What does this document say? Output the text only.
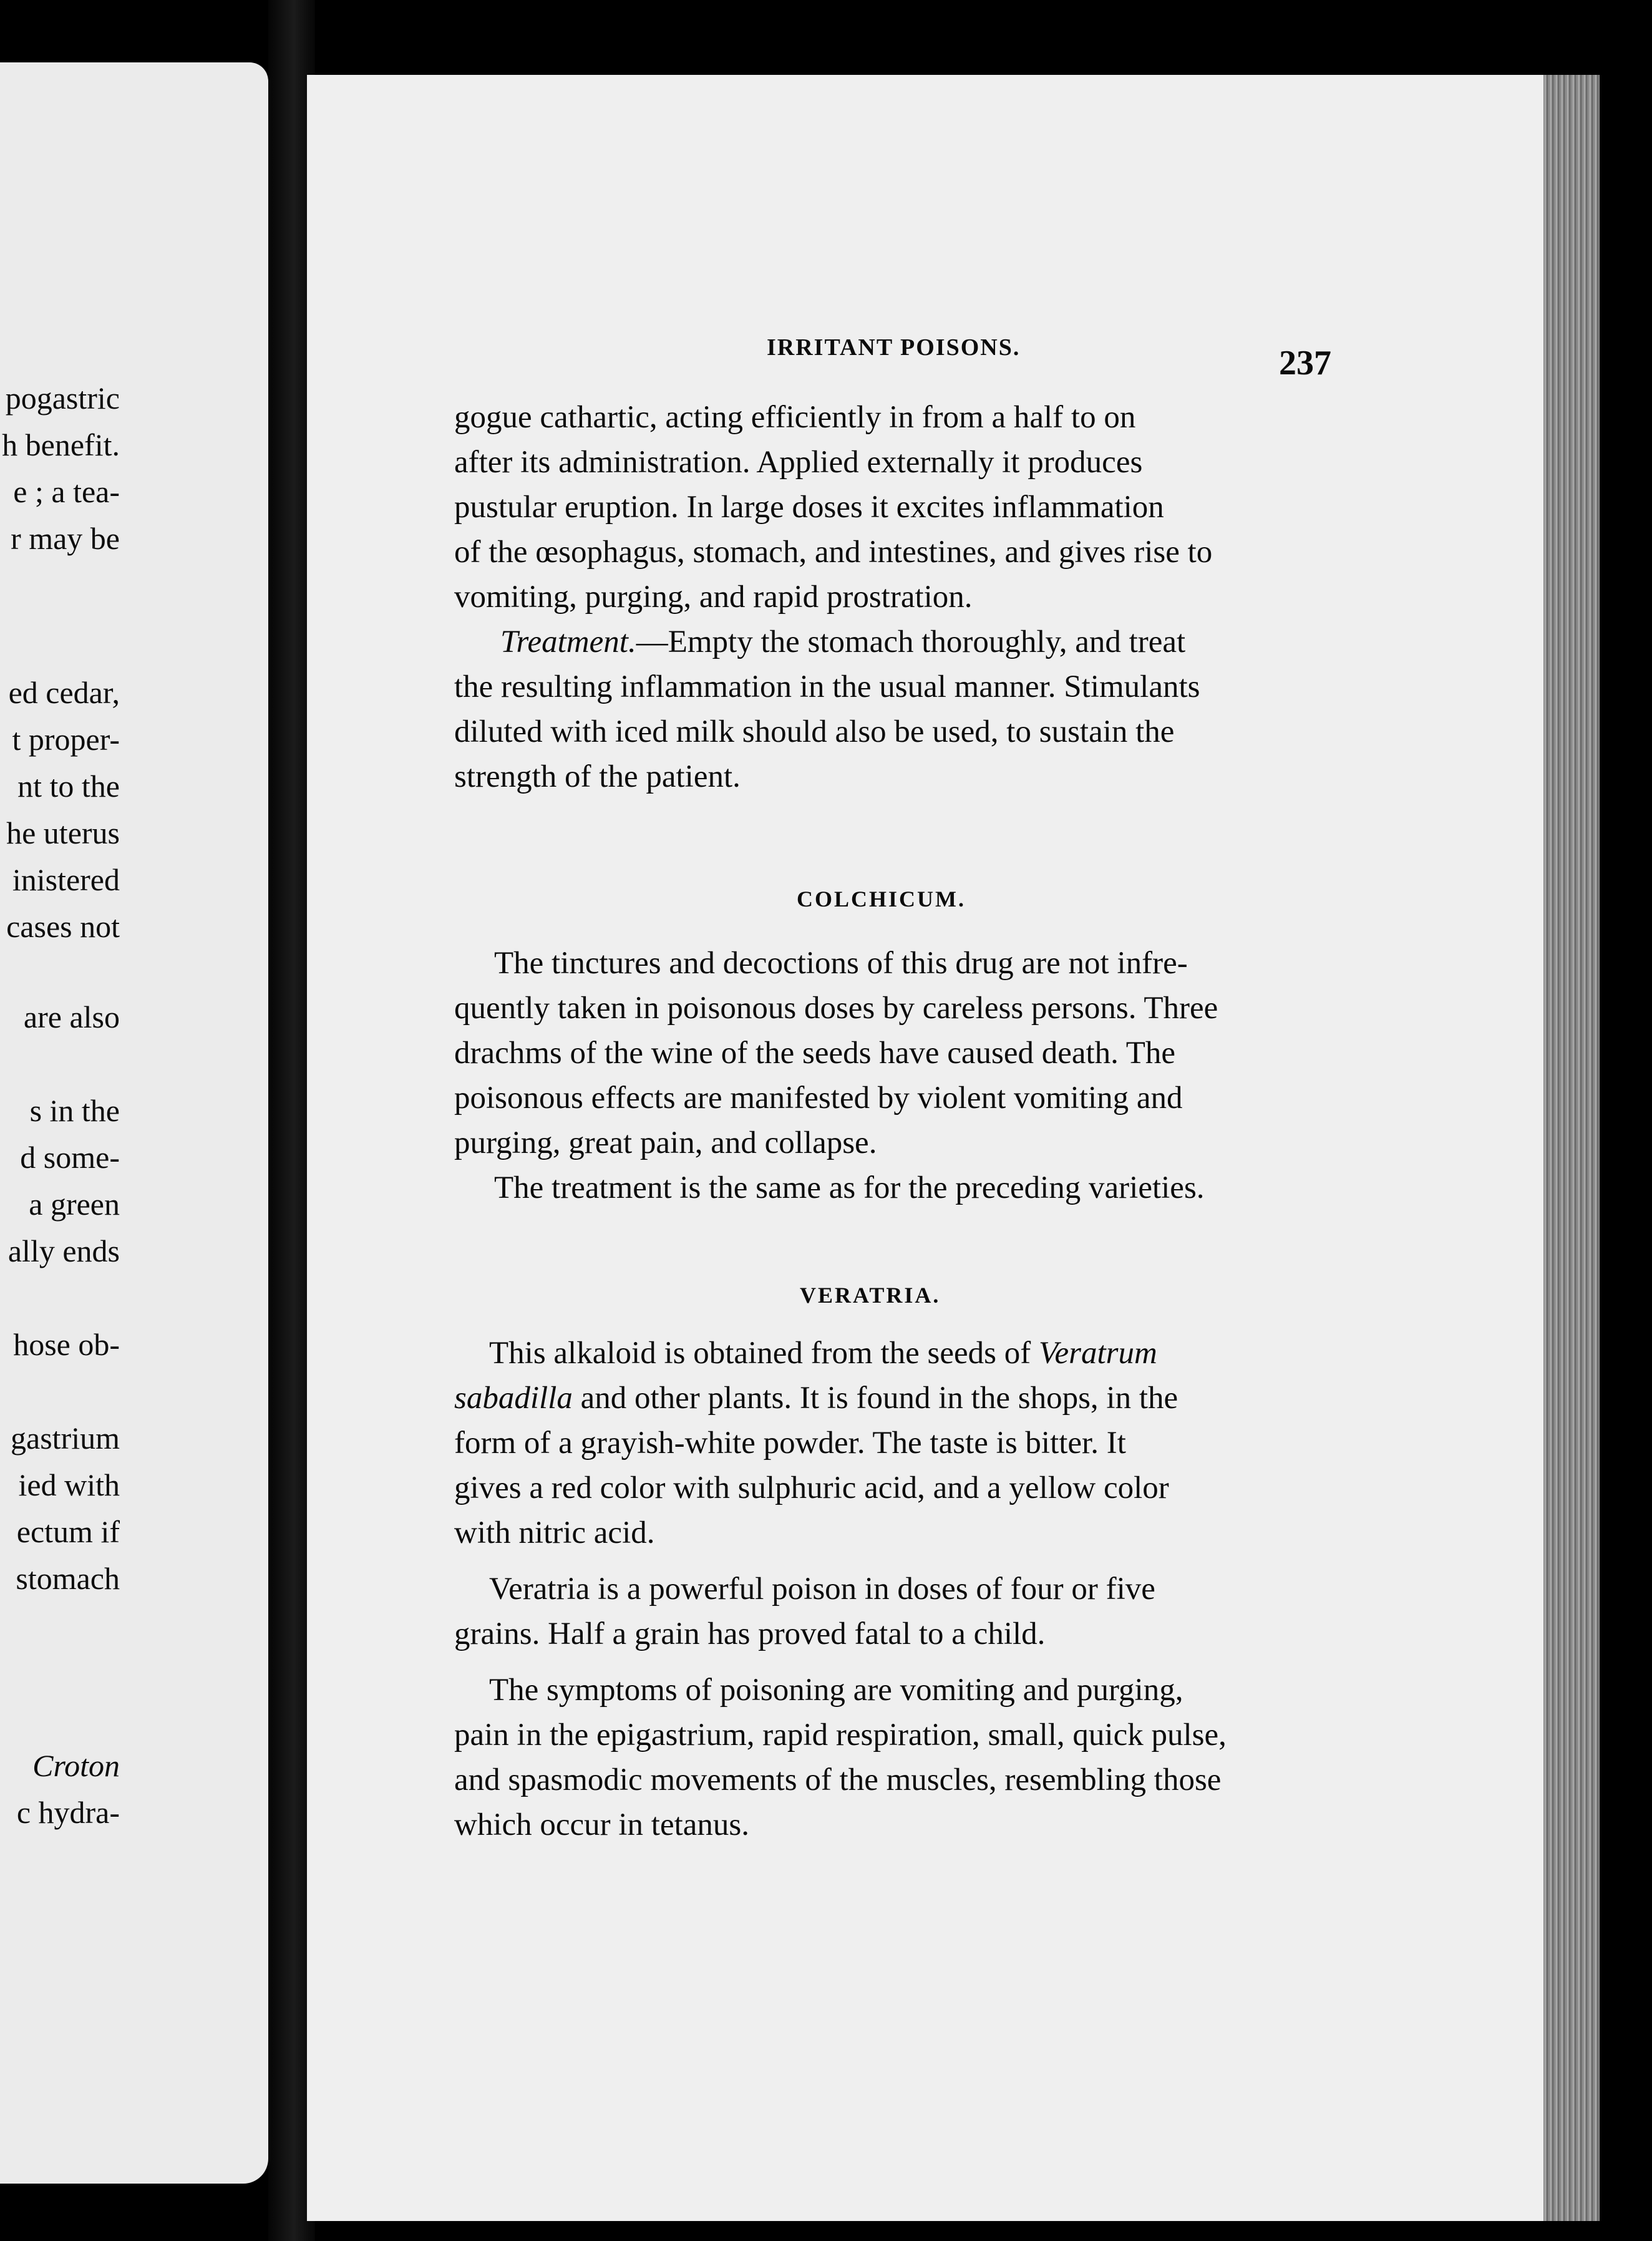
pogastric
h benefit.
e ; a tea-
r may be
ed cedar,
t proper-
nt to the
he uterus
inistered
cases not
are also
s in the
d some-
a green
ally ends
hose ob-
gastrium
ied with
ectum if
stomach
Croton
c hydra-
IRRITANT POISONS.	237
gogue cathartic, acting efficiently in from a half to on
after its administration. Applied externally it produces
pustular eruption. In large doses it excites inflammation
of the œsophagus, stomach, and intestines, and gives rise to
vomiting, purging, and rapid prostration.
Treatment.—Empty the stomach thoroughly, and treat
the resulting inflammation in the usual manner. Stimulants
diluted with iced milk should also be used, to sustain the
strength of the patient.
COLCHICUM.
The tinctures and decoctions of this drug are not infre-
quently taken in poisonous doses by careless persons. Three
drachms of the wine of the seeds have caused death. The
poisonous effects are manifested by violent vomiting and
purging, great pain, and collapse.
The treatment is the same as for the preceding varieties.
VERATRIA.
This alkaloid is obtained from the seeds of Veratrum
sabadilla and other plants. It is found in the shops, in the
form of a grayish-white powder. The taste is bitter. It
gives a red color with sulphuric acid, and a yellow color
with nitric acid.
Veratria is a powerful poison in doses of four or five
grains. Half a grain has proved fatal to a child.
The symptoms of poisoning are vomiting and purging,
pain in the epigastrium, rapid respiration, small, quick pulse,
and spasmodic movements of the muscles, resembling those
which occur in tetanus.
